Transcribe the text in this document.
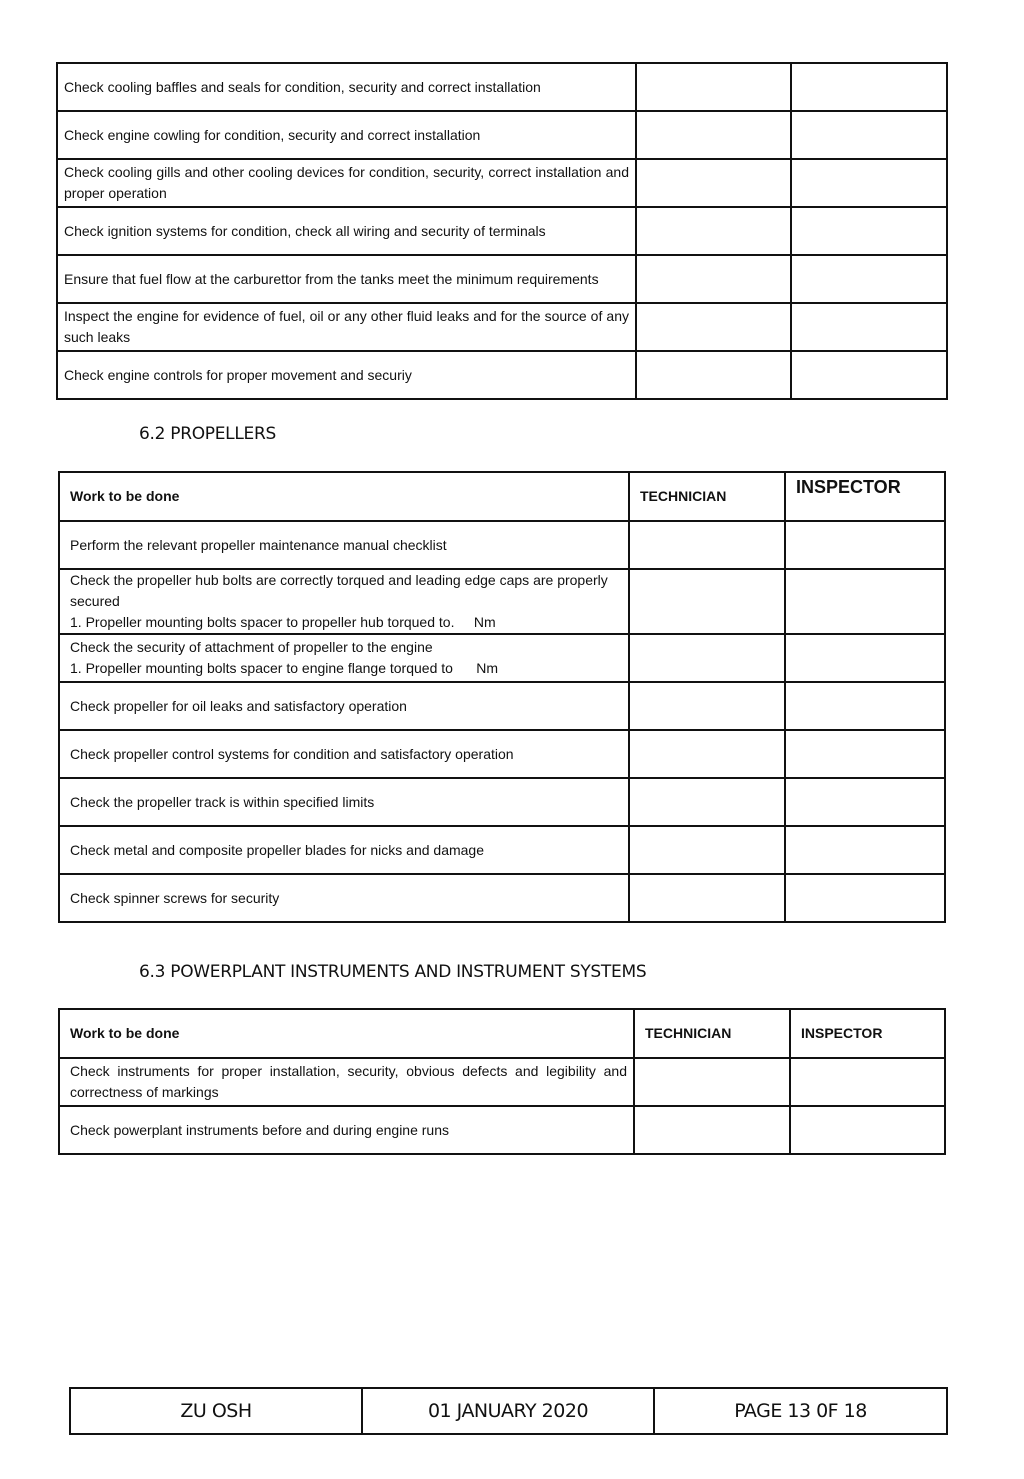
Check cooling baffles and seals for condition, security and correct installation		
Check engine cowling for condition, security and correct installation		
Check cooling gills and other cooling devices for condition, security, correct installation and proper operation		
Check ignition systems for condition, check all wiring and security of terminals		
Ensure that fuel flow at the carburettor from the tanks meet the minimum requirements		
Inspect the engine for evidence of fuel, oil or any other fluid leaks and for the source of any such leaks		
Check engine controls for proper movement and securiy		
6.2 PROPELLERS
Work to be done	TECHNICIAN	INSPECTOR
Perform the relevant propeller maintenance manual checklist		

Check the propeller hub bolts are correctly torqued and leading edge caps are properly secured
1. Propeller mounting bolts spacer to propeller hub torqued to.     Nm		

Check the security of attachment of propeller to the engine
1. Propeller mounting bolts spacer to engine flange torqued to      Nm		

Check propeller for oil leaks and satisfactory operation		
Check propeller control systems for condition and satisfactory operation		
Check the propeller track is within specified limits		
Check metal and composite propeller blades for nicks and damage		
Check spinner screws for security		
6.3 POWERPLANT INSTRUMENTS AND INSTRUMENT SYSTEMS
Work to be done	TECHNICIAN	INSPECTOR
Check instruments for proper installation, security, obvious defects and legibility and correctness of markings		
Check powerplant instruments before and during engine runs		
ZU OSH	01 JANUARY 2020	PAGE 13 0F 18
